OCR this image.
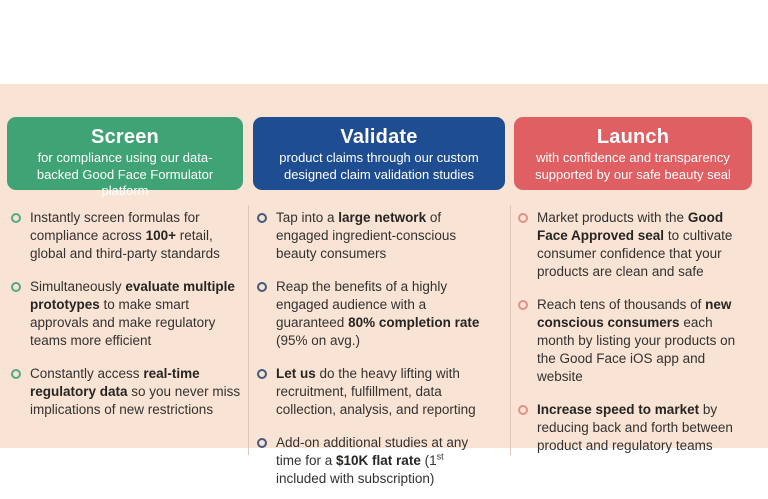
Screen
for compliance using our data-backed Good Face Formulator platform

Instantly screen formulas for compliance across 100+ retail, global and third-party standards

Simultaneously evaluate multiple prototypes to make smart approvals and make regulatory teams more efficient

Constantly access real-time regulatory data so you never miss implications of new restrictions

Validate
product claims through our custom designed claim validation studies

Tap into a large network of engaged ingredient-conscious beauty consumers

Reap the benefits of a highly engaged audience with a guaranteed 80% completion rate (95% on avg.)

Let us do the heavy lifting with recruitment, fulfillment, data collection, analysis, and reporting

Add-on additional studies at any time for a $10K flat rate (1st included with subscription)

Launch
with confidence and transparency supported by our safe beauty seal

Market products with the Good Face Approved seal to cultivate consumer confidence that your products are clean and safe

Reach tens of thousands of new conscious consumers each month by listing your products on the Good Face iOS app and website

Increase speed to market by reducing back and forth between product and regulatory teams
